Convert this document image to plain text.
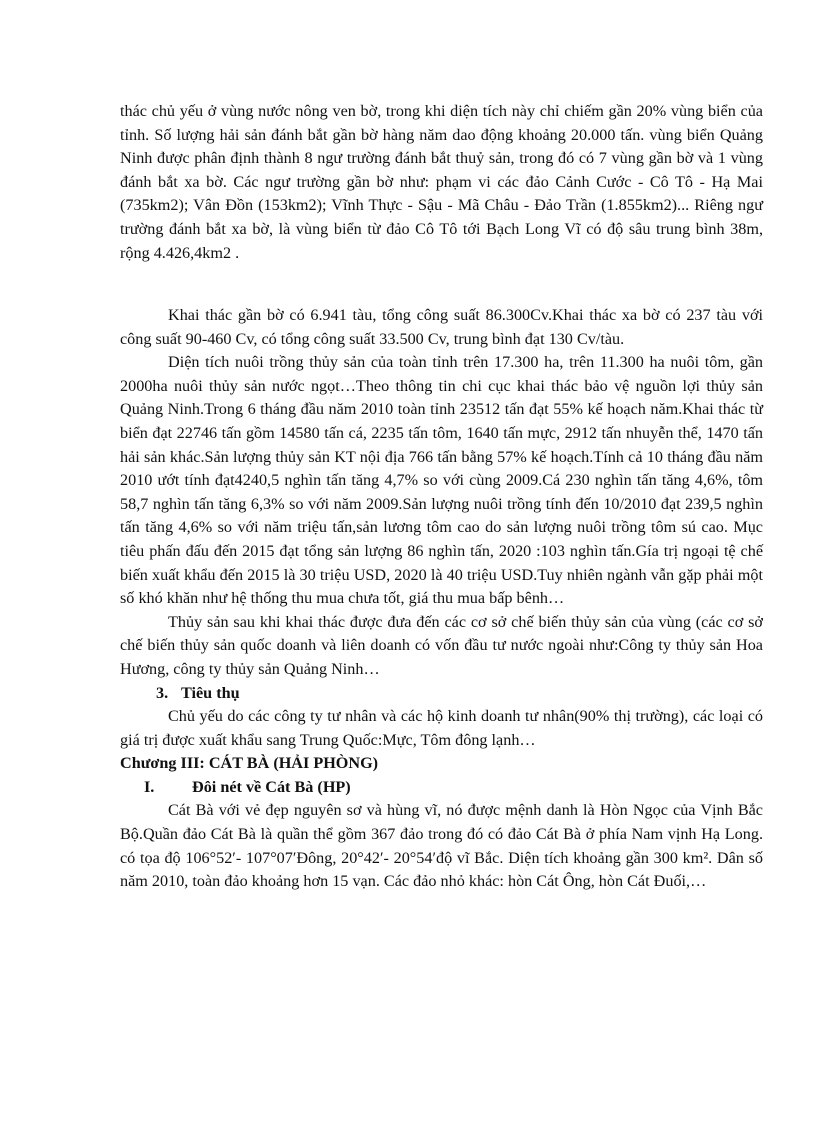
thác chủ yếu ở vùng nước nông ven bờ, trong khi diện tích này chỉ chiếm gần 20% vùng biển của tỉnh. Số lượng hải sản đánh bắt gần bờ hàng năm dao động khoảng 20.000 tấn. vùng biển Quảng Ninh được phân định thành 8 ngư trường đánh bắt thuỷ sản, trong đó có 7 vùng gần bờ và 1 vùng đánh bắt xa bờ. Các ngư trường gần bờ như: phạm vi các đảo Cảnh Cước - Cô Tô - Hạ Mai (735km2); Vân Đồn (153km2); Vĩnh Thực - Sậu - Mã Châu - Đảo Trần (1.855km2)... Riêng ngư trường đánh bắt xa bờ, là vùng biển từ đảo Cô Tô tới Bạch Long Vĩ có độ sâu trung bình 38m, rộng 4.426,4km2 .

Khai thác gần bờ có 6.941 tàu, tổng công suất 86.300Cv.Khai thác xa bờ có 237 tàu với công suất 90-460 Cv, có tổng công suất 33.500 Cv, trung bình đạt 130 Cv/tàu.

Diện tích nuôi trồng thủy sản của toàn tỉnh trên 17.300 ha, trên 11.300 ha nuôi tôm, gần 2000ha nuôi thủy sản nước ngọt…Theo thông tin chi cục khai thác bảo vệ nguồn lợi thủy sản Quảng Ninh.Trong 6 tháng đầu năm 2010 toàn tỉnh 23512 tấn đạt 55% kế hoạch năm.Khai thác từ biển đạt 22746 tấn gồm 14580 tấn cá, 2235 tấn tôm, 1640 tấn mực, 2912 tấn nhuyễn thể, 1470 tấn hải sản khác.Sản lượng thủy sản KT nội địa 766 tấn bằng 57% kế hoạch.Tính cả 10 tháng đầu năm 2010 ướt tính đạt4240,5 nghìn tấn tăng 4,7% so với cùng 2009.Cá 230 nghìn tấn tăng 4,6%, tôm 58,7 nghìn tấn tăng 6,3% so với năm 2009.Sản lượng nuôi trồng tính đến 10/2010 đạt 239,5 nghìn tấn tăng 4,6% so với năm triệu tấn,sản lương tôm cao do sản lượng nuôi trồng tôm sú cao. Mục tiêu phấn đấu đến 2015 đạt tổng sản lượng 86 nghìn tấn, 2020 :103 nghìn tấn.Gía trị ngoại tệ chế biến xuất khẩu đến 2015 là 30 triệu USD, 2020 là 40 triệu USD.Tuy nhiên ngành vẫn gặp phải một số khó khăn như hệ thống thu mua chưa tốt, giá thu mua bấp bênh…

Thủy sản sau khi khai thác được đưa đến các cơ sở chế biến thủy sản của vùng (các cơ sở chế biến thủy sản quốc doanh và liên doanh có vốn đầu tư nước ngoài như:Công ty thủy sản Hoa Hương, công ty thủy sản Quảng Ninh…

3. Tiêu thụ

Chủ yếu do các công ty tư nhân và các hộ kinh doanh tư nhân(90% thị trường), các loại có giá trị được xuất khẩu sang Trung Quốc:Mực, Tôm đông lạnh…

Chương III: CÁT BÀ (HẢI PHÒNG)
I. Đôi nét về Cát Bà (HP)

Cát Bà với vẻ đẹp nguyên sơ và hùng vĩ, nó được mệnh danh là Hòn Ngọc của Vịnh Bắc Bộ.Quần đảo Cát Bà là quần thể gồm 367 đảo trong đó có đảo Cát Bà ở phía Nam vịnh Hạ Long. có tọa độ 106°52′- 107°07′Đông, 20°42′- 20°54′độ vĩ Bắc. Diện tích khoảng gần 300 km². Dân số năm 2010, toàn đảo khoảng hơn 15 vạn. Các đảo nhỏ khác: hòn Cát Ông, hòn Cát Đuối,…
